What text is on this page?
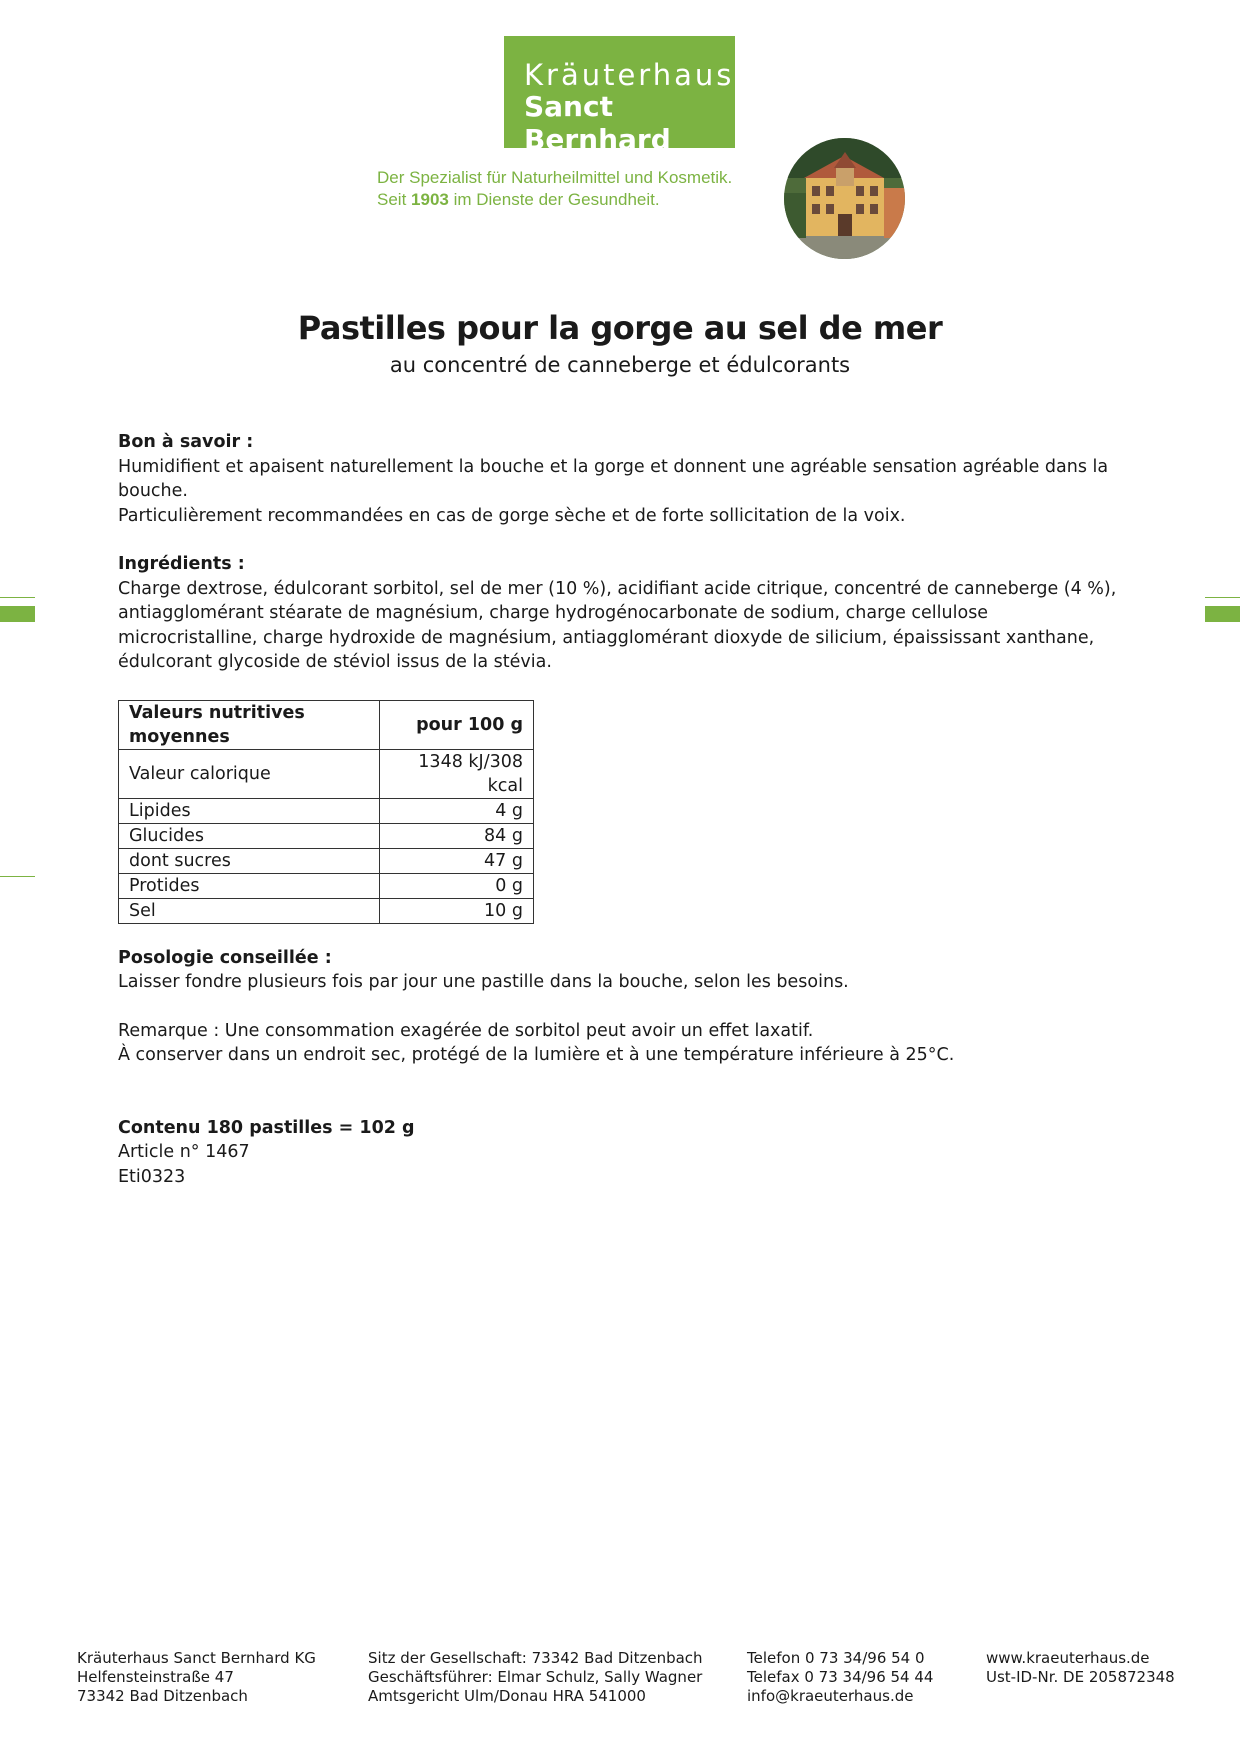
Kräuterhaus
Sanct Bernhard
Der Spezialist für Naturheilmittel und Kosmetik.
Seit 1903 im Dienste der Gesundheit.
Pastilles pour la gorge au sel de mer
au concentré de canneberge et édulcorants

Bon à savoir :

Humidifient et apaisent naturellement la bouche et la gorge et donnent une agréable sensation agréable dans la bouche.

Particulièrement recommandées en cas de gorge sèche et de forte sollicitation de la voix.

Ingrédients :

Charge dextrose, édulcorant sorbitol, sel de mer (10 %), acidifiant acide citrique, concentré de canneberge (4 %), antiagglomérant stéarate de magnésium, charge hydrogénocarbonate de sodium, charge cellulose microcristalline, charge hydroxide de magnésium, antiagglomérant dioxyde de silicium, épaississant xanthane, édulcorant glycoside de stéviol issus de la stévia.

Valeurs nutritives moyennes	pour 100 g
Valeur calorique	1348 kJ/308 kcal
Lipides	4 g
Glucides	84 g
dont sucres	47 g
Protides	0 g
Sel	10 g

Posologie conseillée :

Laisser fondre plusieurs fois par jour une pastille dans la bouche, selon les besoins.

Remarque : Une consommation exagérée de sorbitol peut avoir un effet laxatif.

À conserver dans un endroit sec, protégé de la lumière et à une température inférieure à 25°C.

Contenu 180 pastilles = 102 g

Article n° 1467

Eti0323

Kräuterhaus Sanct Bernhard KG
Helfensteinstraße 47
73342 Bad Ditzenbach
Sitz der Gesellschaft: 73342 Bad Ditzenbach
Geschäftsführer: Elmar Schulz, Sally Wagner
Amtsgericht Ulm/Donau HRA 541000
Telefon 0 73 34/96 54 0
Telefax 0 73 34/96 54 44
info@kraeuterhaus.de
www.kraeuterhaus.de
Ust-ID-Nr. DE 205872348
